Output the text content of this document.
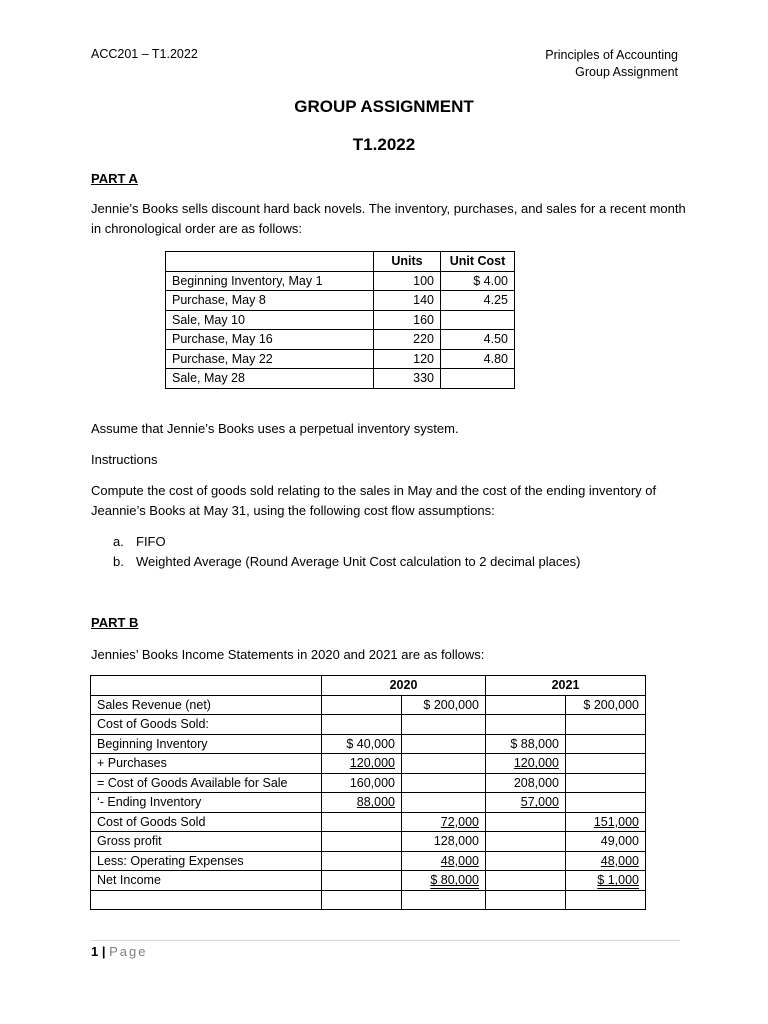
ACC201 – T1.2022	Principles of Accounting
Group Assignment
GROUP ASSIGNMENT
T1.2022
PART A
Jennie’s Books sells discount hard back novels. The inventory, purchases, and sales for a recent month in chronological order are as follows:
	Units	Unit Cost
Beginning Inventory, May 1	100	$ 4.00
Purchase, May 8	140	4.25
Sale, May 10	160	
Purchase, May 16	220	4.50
Purchase, May 22	120	4.80
Sale, May 28	330	
Assume that Jennie’s Books uses a perpetual inventory system.
Instructions
Compute the cost of goods sold relating to the sales in May and the cost of the ending inventory of Jeannie’s Books at May 31, using the following cost flow assumptions:
a. FIFO
b. Weighted Average (Round Average Unit Cost calculation to 2 decimal places)
PART B
Jennies’ Books Income Statements in 2020 and 2021 are as follows:
	2020		2021	
Sales Revenue (net)		$ 200,000		$ 200,000
Cost of Goods Sold:				
Beginning Inventory	$ 40,000		$ 88,000	
+ Purchases	120,000		120,000	
= Cost of Goods Available for Sale	160,000		208,000	
‘- Ending Inventory	88,000		57,000	
Cost of Goods Sold		72,000		151,000
Gross profit		128,000		49,000
Less: Operating Expenses		48,000		48,000
Net Income		$ 80,000		$ 1,000

1 | Page
